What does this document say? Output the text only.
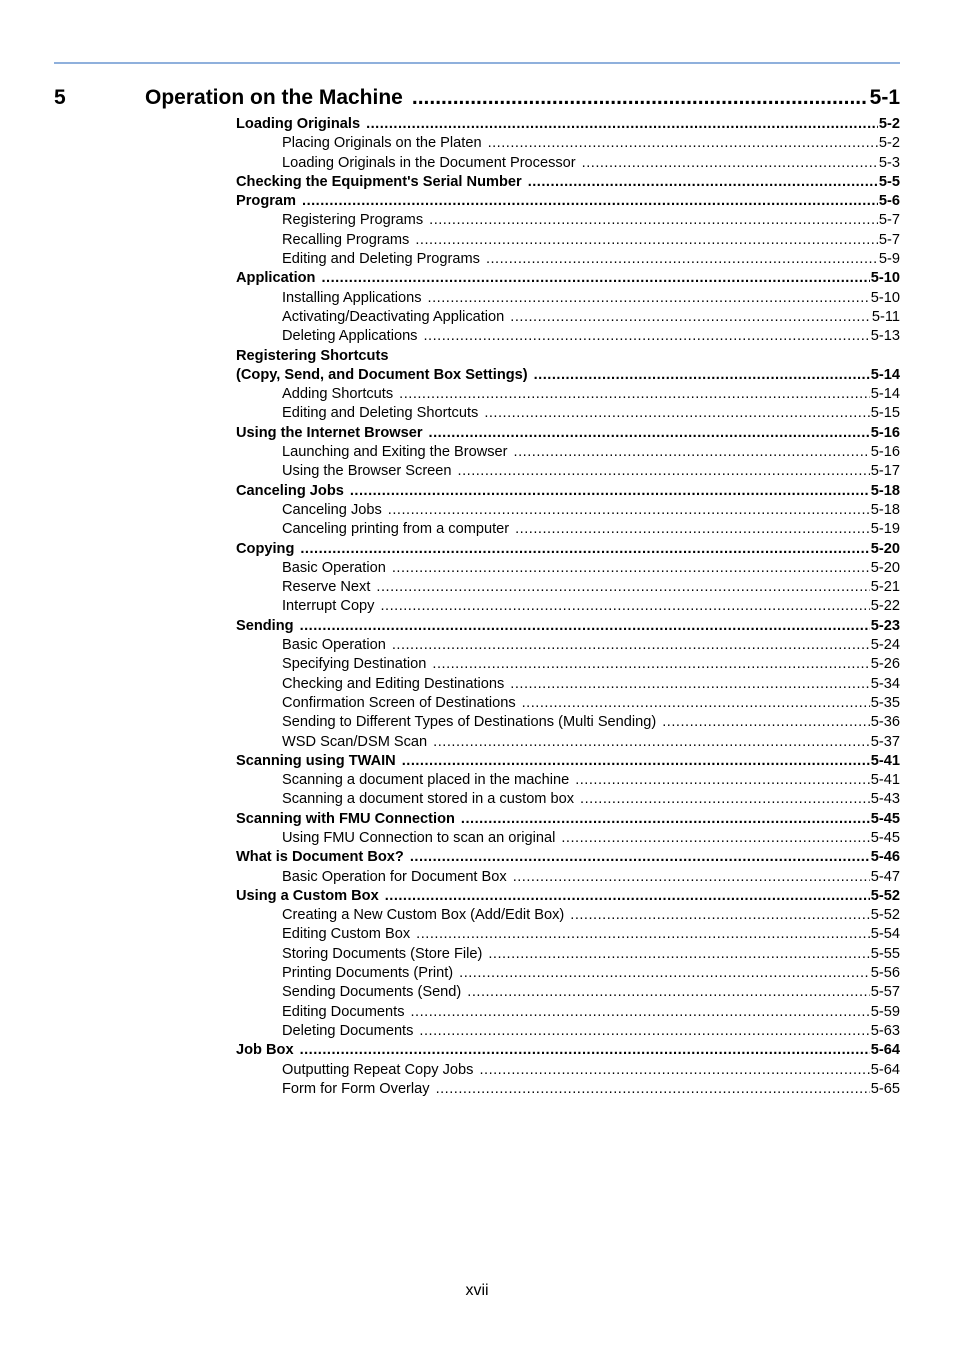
5	Operation on the Machine .....	5-1
Loading Originals .....	5-2
Placing Originals on the Platen .....	5-2
Loading Originals in the Document Processor .....	5-3
Checking the Equipment's Serial Number .....	5-5
Program .....	5-6
Registering Programs .....	5-7
Recalling Programs .....	5-7
Editing and Deleting Programs .....	5-9
Application .....	5-10
Installing Applications .....	5-10
Activating/Deactivating Application .....	5-11
Deleting Applications .....	5-13
Registering Shortcuts
(Copy, Send, and Document Box Settings) .....	5-14
Adding Shortcuts .....	5-14
Editing and Deleting Shortcuts .....	5-15
Using the Internet Browser .....	5-16
Launching and Exiting the Browser .....	5-16
Using the Browser Screen .....	5-17
Canceling Jobs .....	5-18
Canceling Jobs .....	5-18
Canceling printing from a computer .....	5-19
Copying .....	5-20
Basic Operation .....	5-20
Reserve Next .....	5-21
Interrupt Copy .....	5-22
Sending .....	5-23
Basic Operation .....	5-24
Specifying Destination .....	5-26
Checking and Editing Destinations .....	5-34
Confirmation Screen of Destinations .....	5-35
Sending to Different Types of Destinations (Multi Sending) .....	5-36
WSD Scan/DSM Scan .....	5-37
Scanning using TWAIN .....	5-41
Scanning a document placed in the machine .....	5-41
Scanning a document stored in a custom box .....	5-43
Scanning with FMU Connection .....	5-45
Using FMU Connection to scan an original .....	5-45
What is Document Box? .....	5-46
Basic Operation for Document Box .....	5-47
Using a Custom Box .....	5-52
Creating a New Custom Box (Add/Edit Box) .....	5-52
Editing Custom Box .....	5-54
Storing Documents (Store File) .....	5-55
Printing Documents (Print) .....	5-56
Sending Documents (Send) .....	5-57
Editing Documents .....	5-59
Deleting Documents .....	5-63
Job Box .....	5-64
Outputting Repeat Copy Jobs .....	5-64
Form for Form Overlay .....	5-65
xvii
